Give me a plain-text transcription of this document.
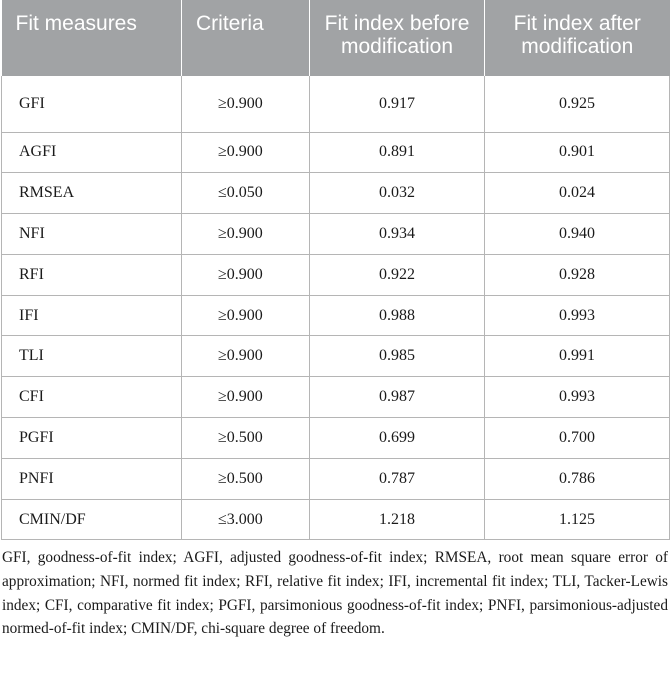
Fit measures	Criteria	Fit index before modification	Fit index after modification
GFI	≥0.900	0.917	0.925
AGFI	≥0.900	0.891	0.901
RMSEA	≤0.050	0.032	0.024
NFI	≥0.900	0.934	0.940
RFI	≥0.900	0.922	0.928
IFI	≥0.900	0.988	0.993
TLI	≥0.900	0.985	0.991
CFI	≥0.900	0.987	0.993
PGFI	≥0.500	0.699	0.700
PNFI	≥0.500	0.787	0.786
CMIN/DF	≤3.000	1.218	1.125

GFI, goodness-of-fit index; AGFI, adjusted goodness-of-fit index; RMSEA, root mean square error of approximation; NFI, normed fit index; RFI, relative fit index; IFI, incremental fit index; TLI, Tacker-Lewis index; CFI, comparative fit index; PGFI, parsimonious goodness-of-fit index; PNFI, parsimonious-adjusted normed-of-fit index; CMIN/DF, chi-square degree of freedom.
